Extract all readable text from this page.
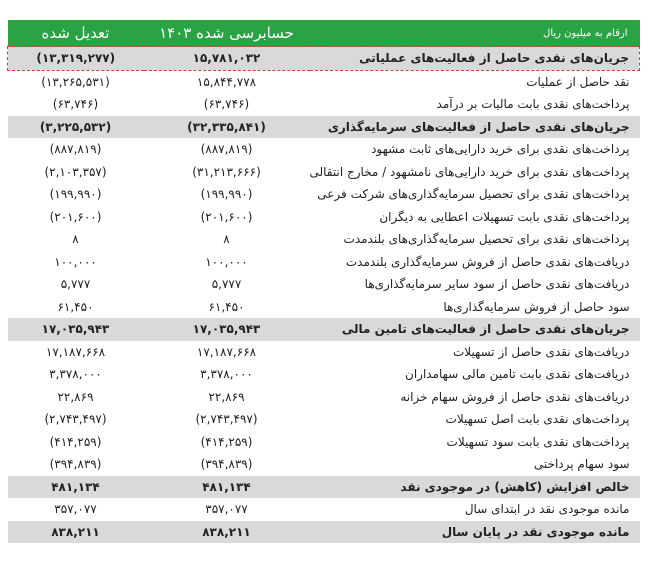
ارقام به میلیون ریال	حسابرسی شده ۱۴۰۳	تعدیل شده
جریان‌های نقدی حاصل از فعالیت‌های عملیاتی	۱۵,۷۸۱,۰۳۲	(۱۳,۳۱۹,۲۷۷)
نقد حاصل از عملیات	۱۵,۸۴۴,۷۷۸	(۱۳,۲۶۵,۵۳۱)
پرداخت‌های نقدی بابت مالیات بر درآمد	(۶۳,۷۴۶)	(۶۳,۷۴۶)
جریان‌های نقدی حاصل از فعالیت‌های سرمایه‌گذاری	(۳۲,۳۳۵,۸۴۱)	(۳,۲۲۵,۵۳۲)
پرداخت‌های نقدی برای خرید دارایی‌های ثابت مشهود	(۸۸۷,۸۱۹)	(۸۸۷,۸۱۹)
پرداخت‌های نقدی برای خرید دارایی‌های نامشهود / مخارج انتقالی	(۳۱,۲۱۳,۶۶۶)	(۲,۱۰۳,۳۵۷)
پرداخت‌های نقدی برای تحصیل سرمایه‌گذاری‌های شرکت فرعی	(۱۹۹,۹۹۰)	(۱۹۹,۹۹۰)
پرداخت‌های نقدی بابت تسهیلات اعطایی به دیگران	(۲۰۱,۶۰۰)	(۲۰۱,۶۰۰)
پرداخت‌های نقدی برای تحصیل سرمایه‌گذاری‌های بلندمدت	۸	۸
دریافت‌های نقدی حاصل از فروش سرمایه‌گذاری بلندمدت	۱۰۰,۰۰۰	۱۰۰,۰۰۰
دریافت‌های نقدی حاصل از سود سایر سرمایه‌گذاری‌ها	۵,۷۷۷	۵,۷۷۷
سود حاصل از فروش سرمایه‌گذاری‌ها	۶۱,۴۵۰	۶۱,۴۵۰
جریان‌های نقدی حاصل از فعالیت‌های تامین مالی	۱۷,۰۳۵,۹۴۳	۱۷,۰۳۵,۹۴۳
دریافت‌های نقدی حاصل از تسهیلات	۱۷,۱۸۷,۶۶۸	۱۷,۱۸۷,۶۶۸
دریافت‌های نقدی بابت تامین مالی سهامداران	۳,۳۷۸,۰۰۰	۳,۳۷۸,۰۰۰
دریافت‌های نقدی حاصل از فروش سهام خزانه	۲۲,۸۶۹	۲۲,۸۶۹
پرداخت‌های نقدی بابت اصل تسهیلات	(۲,۷۴۳,۴۹۷)	(۲,۷۴۳,۴۹۷)
پرداخت‌های نقدی بابت سود تسهیلات	(۴۱۴,۲۵۹)	(۴۱۴,۲۵۹)
سود سهام پرداختی	(۳۹۴,۸۳۹)	(۳۹۴,۸۳۹)
خالص افزایش (کاهش) در موجودی نقد	۴۸۱,۱۳۴	۴۸۱,۱۳۴
مانده موجودی نقد در ابتدای سال	۳۵۷,۰۷۷	۳۵۷,۰۷۷
مانده موجودی نقد در پایان سال	۸۳۸,۲۱۱	۸۳۸,۲۱۱
